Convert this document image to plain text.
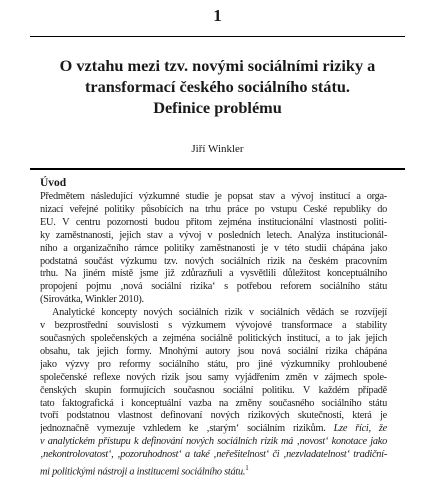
1
O vztahu mezi tzv. novými sociálními riziky a
transformací českého sociálního státu.
Definice problému
Jiří Winkler
Úvod
Předmětem následující výzkumné studie je popsat stav a vývoj institucí a orga-
nizací veřejné politiky působících na trhu práce po vstupu České republiky do
EU. V centru pozornosti budou přitom zejména institucionální vlastnosti politi-
ky zaměstnanosti, jejich stav a vývoj v posledních letech. Analýza institucionál-
ního a organizačního rámce politiky zaměstnanosti je v této studii chápána jako
podstatná součást výzkumu tzv. nových sociálních rizik na českém pracovním
trhu. Na jiném místě jsme již zdůrazňuli a vysvětlili důležitost konceptuálního
propojení pojmu ‚nová sociální rizika‘ s potřebou reforem sociálního státu
(Sirovátka, Winkler 2010).
Analytické koncepty nových sociálních rizik v sociálních vědách se rozvíjejí
v bezprostřední souvislosti s výzkumem vývojové transformace a stability
současných společenských a zejména sociálně politických institucí, a to jak jejich
obsahu, tak jejich formy. Mnohými autory jsou nová sociální rizika chápána
jako výzvy pro reformy sociálního státu, pro jiné výzkumníky prohloubené
společenské reflexe nových rizik jsou samy vyjádřením změn v zájmech spole-
čenských skupin formujících současnou sociální politiku. V každém případě
tato faktografická i konceptuální vazba na změny současného sociálního státu
tvoří podstatnou vlastnost definovaní nových rizikových skutečností, která je
jednoznačně vymezuje vzhledem ke ‚starým‘ sociálním rizikům. Lze říci, že
v analytickém přístupu k definování nových sociálních rizik má ‚novost‘ konotace jako
‚nekontrolovatost‘, ‚pozoruhodnost‘ a také ‚neřešitelnost‘ či ‚nezvladatelnost‘ tradiční-
mi politickými nástroji a institucemi sociálního státu.$^1$
